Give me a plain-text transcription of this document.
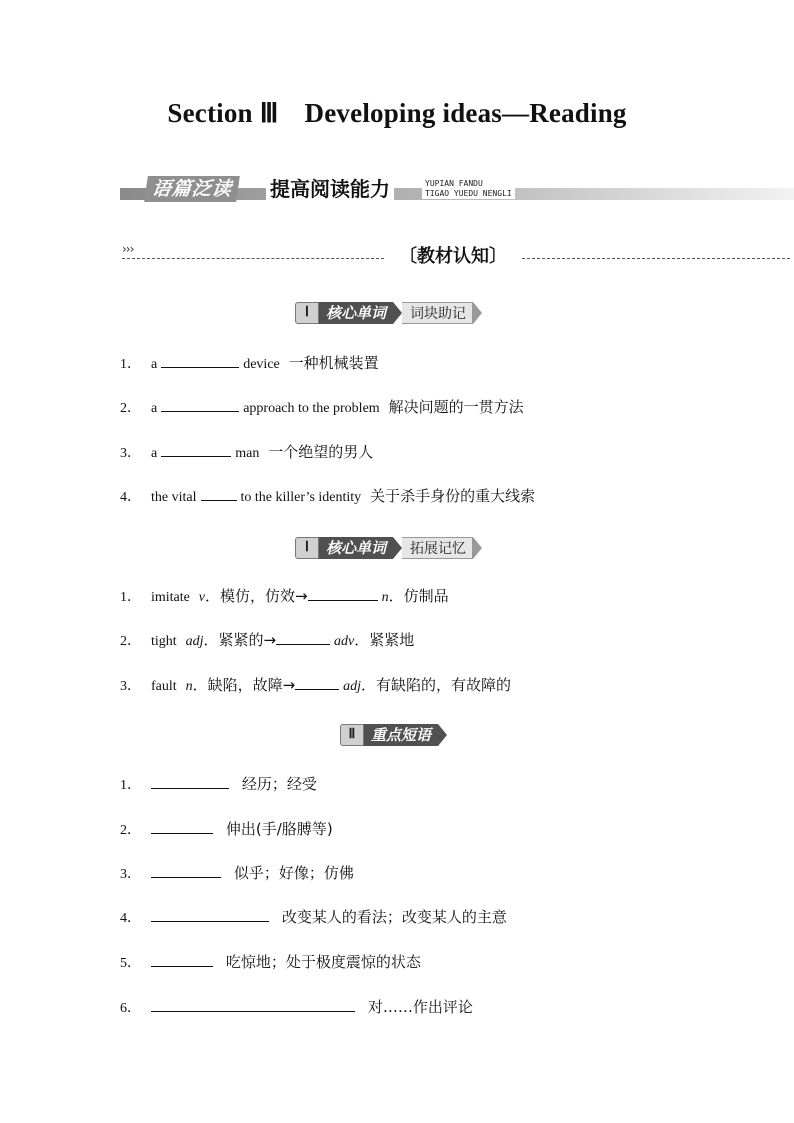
Section Ⅲ Developing ideas—Reading
语篇泛读	提高阅读能力	YUPIAN FANDU
TIGAO YUEDU NENGLI
›››	〔教材认知〕
Ⅰ	核心单词	词块助记
1． a	device 一种机械装置
2． a	approach to the problem 解决问题的一贯方法
3． a	man 一个绝望的男人
4． the vital	to the killer’s identity 关于杀手身份的重大线索
Ⅰ	核心单词	拓展记忆
1． imitate v．模仿，仿效→	n．仿制品
2． tight adj．紧紧的→	adv．紧紧地
3． fault n．缺陷，故障→	adj．有缺陷的，有故障的
Ⅱ	重点短语
1．	经历；经受
2．	伸出(手/胳膊等)
3．	似乎；好像；仿佛
4．	改变某人的看法；改变某人的主意
5．	吃惊地；处于极度震惊的状态
6．	对……作出评论
